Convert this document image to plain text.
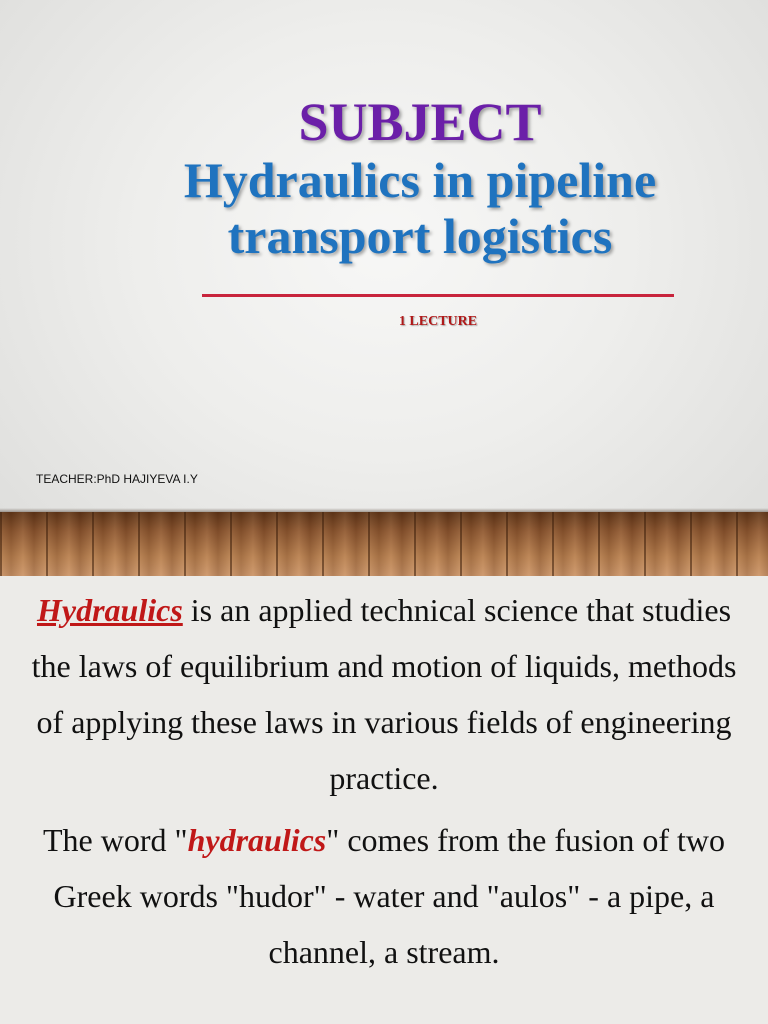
SUBJECT
Hydraulics in pipeline
transport logistics
1 LECTURE
TEACHER:PhD HAJIYEVA I.Y

Hydraulics is an applied technical science that studies the laws of equilibrium and motion of liquids, methods of applying these laws in various fields of engineering practice.

The word "hydraulics" comes from the fusion of two Greek words "hudor" - water and "aulos" - a pipe, a channel, a stream.
